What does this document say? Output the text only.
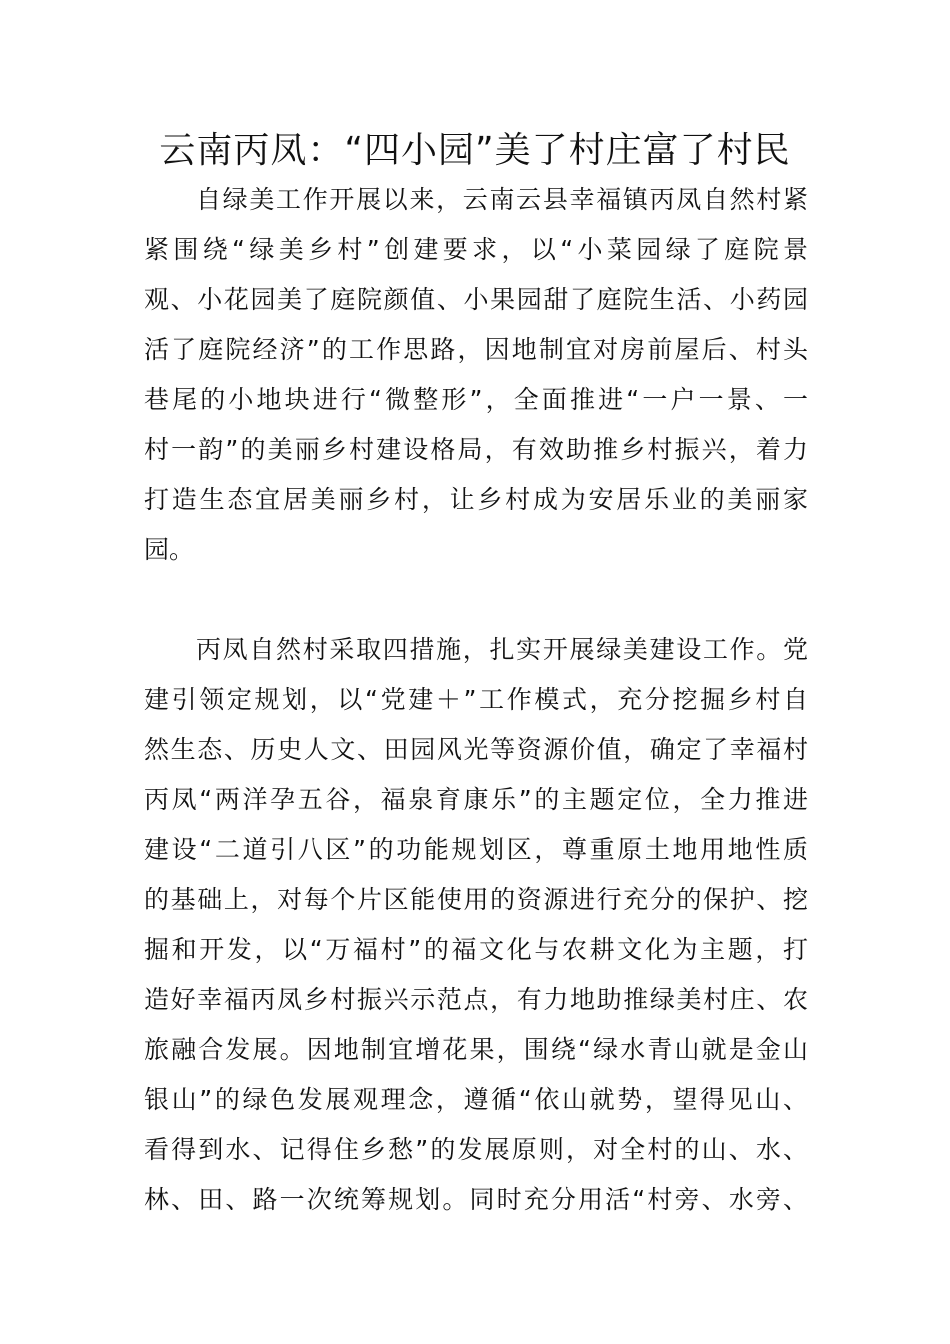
云南丙凤：“四小园”美了村庄富了村民
自绿美工作开展以来，云南云县幸福镇丙凤自然村紧
紧围绕“绿美乡村”创建要求，以“小菜园绿了庭院景
观、小花园美了庭院颜值、小果园甜了庭院生活、小药园
活了庭院经济”的工作思路，因地制宜对房前屋后、村头
巷尾的小地块进行“微整形”，全面推进“一户一景、一
村一韵”的美丽乡村建设格局，有效助推乡村振兴，着力
打造生态宜居美丽乡村，让乡村成为安居乐业的美丽家
园。
丙凤自然村采取四措施，扎实开展绿美建设工作。党
建引领定规划，以“党建＋”工作模式，充分挖掘乡村自
然生态、历史人文、田园风光等资源价值，确定了幸福村
丙凤“两洋孕五谷，福泉育康乐”的主题定位，全力推进
建设“二道引八区”的功能规划区，尊重原土地用地性质
的基础上，对每个片区能使用的资源进行充分的保护、挖
掘和开发，以“万福村”的福文化与农耕文化为主题，打
造好幸福丙凤乡村振兴示范点，有力地助推绿美村庄、农
旅融合发展。因地制宜增花果，围绕“绿水青山就是金山
银山”的绿色发展观理念，遵循“依山就势，望得见山、
看得到水、记得住乡愁”的发展原则，对全村的山、水、
林、田、路一次统筹规划。同时充分用活“村旁、水旁、
